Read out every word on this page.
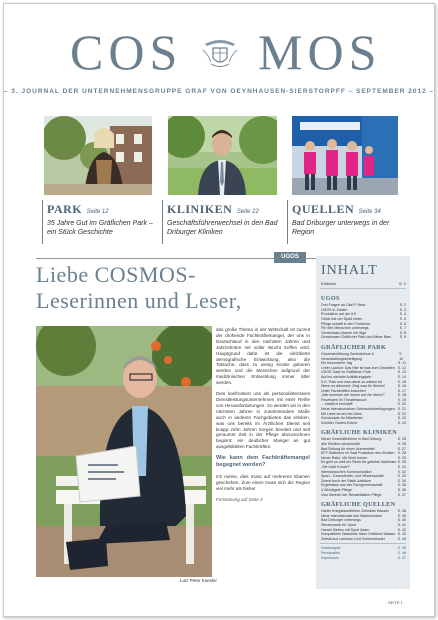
COS MOS
– 3. JOURNAL DER UNTERNEHMENSGRUPPE GRAF VON OEYNHAUSEN-SIERSTORPFF – SEPTEMBER 2012 –
PARK Seite 12
35 Jahre Gut im Gräflichen Park – ein Stück Geschichte
KLINIKEN Seite 22
Geschäftsführerwechsel in den Bad Driburger Kliniken
QUELLEN Seite 34
Bad Driburger unterwegs in der Region
UGOS
Liebe COSMOS-
Leserinnen und Leser,
Lutz Peter Kaesler

das große Thema in der Wirtschaft ist zurzeit der drohende Fachkräftemangel, der uns in Deutschland in den nächsten Jahren und Jahrzehnten mit voller Wucht treffen wird. Hauptgrund dafür ist die vielzitierte demografische Entwicklung, also die Tatsache, dass zu wenig Kinder geboren werden und die Menschen aufgrund der medizinischen Entwicklung immer älter werden.

Dies konfrontiert uns als personalintensives Dienstleistungsunternehmen mit einer Reihe von Herausforderungen. So werden wir in den nächsten Jahren in zunehmendem Maße auch in anderen Fachgebieten das erleben, was uns bereits im Ärztlichen Dienst seit knapp zehn Jahren Sorgen bereitet und seit geraumer Zeit in der Pflege abzuzeichnen beginnt: ein deutlicher Mangel an gut ausgebildeten Fachkräften.

Wie kann dem Fachkräftemangel begegnet werden?

Ich meine, dies muss auf mehreren Ebenen geschehen. Zum einen muss sich die Region viel mehr als bisher

Fortsetzung auf Seite 3

INHALT
Editorial	S. 1
UGOS
Drei Fragen an Olaf P. Beck	S. 2
UGOS in Zahlen	S. 3
Produktion auf der IHI	S. 4
Glück hat viel Spaß hinter	S. 5
Pflege schafft in den Frühdurst	S. 6
Für den Menschen unterwegs	S. 7
Gemeinsam planen mit Sign	S. 8
Gemeinsam Gräflicher Park und Bitner Bars S. 9
GRÄFLICHER PARK
Gesamteröffnung Gartenbühne & Veranstaltungsbeteiligung
S. 10
Ein besonderer Tag	S. 11
Leiter Launch: Das Hier ist was zum Gestalten S. 12
UGOS Gast im Gräflichen Park	S. 13
Auf ins nächste Aufklärungsjahr	S. 14
K.K. Park und was damit zu wissen ist	S. 15
Wenn es dämmert: Zeig was für Wonne!	S. 16
Unter Fachkräften brauchen	S. 17
„Wie kommen die immer auf die Ideen?“	S. 18
Feuerwerk im Theatertausch	S. 19
... westlich erschafft	S. 20
Neue Intensivwochen Gebrauchsbedingungen S. 21
Mit Liebe lernen bei Jules	S. 22
Schokolade für Mitarbeiter	S. 23
Schöller Garten-Küche	S. 24
GRÄFLICHE KLINIKEN
Neuer Geschäftsführer in Bad Driburg	S. 25
Alle Kliniken verschmäht	S. 26
Bad Driburg für einen Arzneimittel	S. 27
EFF-Stationen im Saal Prasidium des Kliniken S. 28
Neuer Ratio: Mit Wohl lernen	S. 29
Es geht so weit ein Stück für geliebte Nachbarn S. 30
„Sie rückt Knock?“	S. 31
Intensivwochen Kommunikation	S. 32
Sport-, Gesundheits- und Wissenschaft	S. 33
Zuerst buch der Stadt-Jubiläum	S. 34
Ergebnisse aus der Fachgemeinschaft	S. 35
4 Wichtigste Pflege	S. 36
Vom Bereich der Rehabilitation Pflege	S. 37
GRÄFLICHE QUELLEN
Harter Kriegsfaustführen Zeitwärts Wasser S. 38
Neue Internationale des Markenmarke	S. 39
Bad Driburger unterwegs	S. 40
Steuerpraxis für Sport	S. 41
Harald Sieben mit Sport Adam	S. 42
Kompatibles Tankstelle Haus Gräfliche Wasser S. 43
Zeitstil aus Lannbau Lind Schermkloster	S. 44
Gewinnspiel	S. 45
Personalien	S. 46
Impressum	S. 47
SEITE 1
